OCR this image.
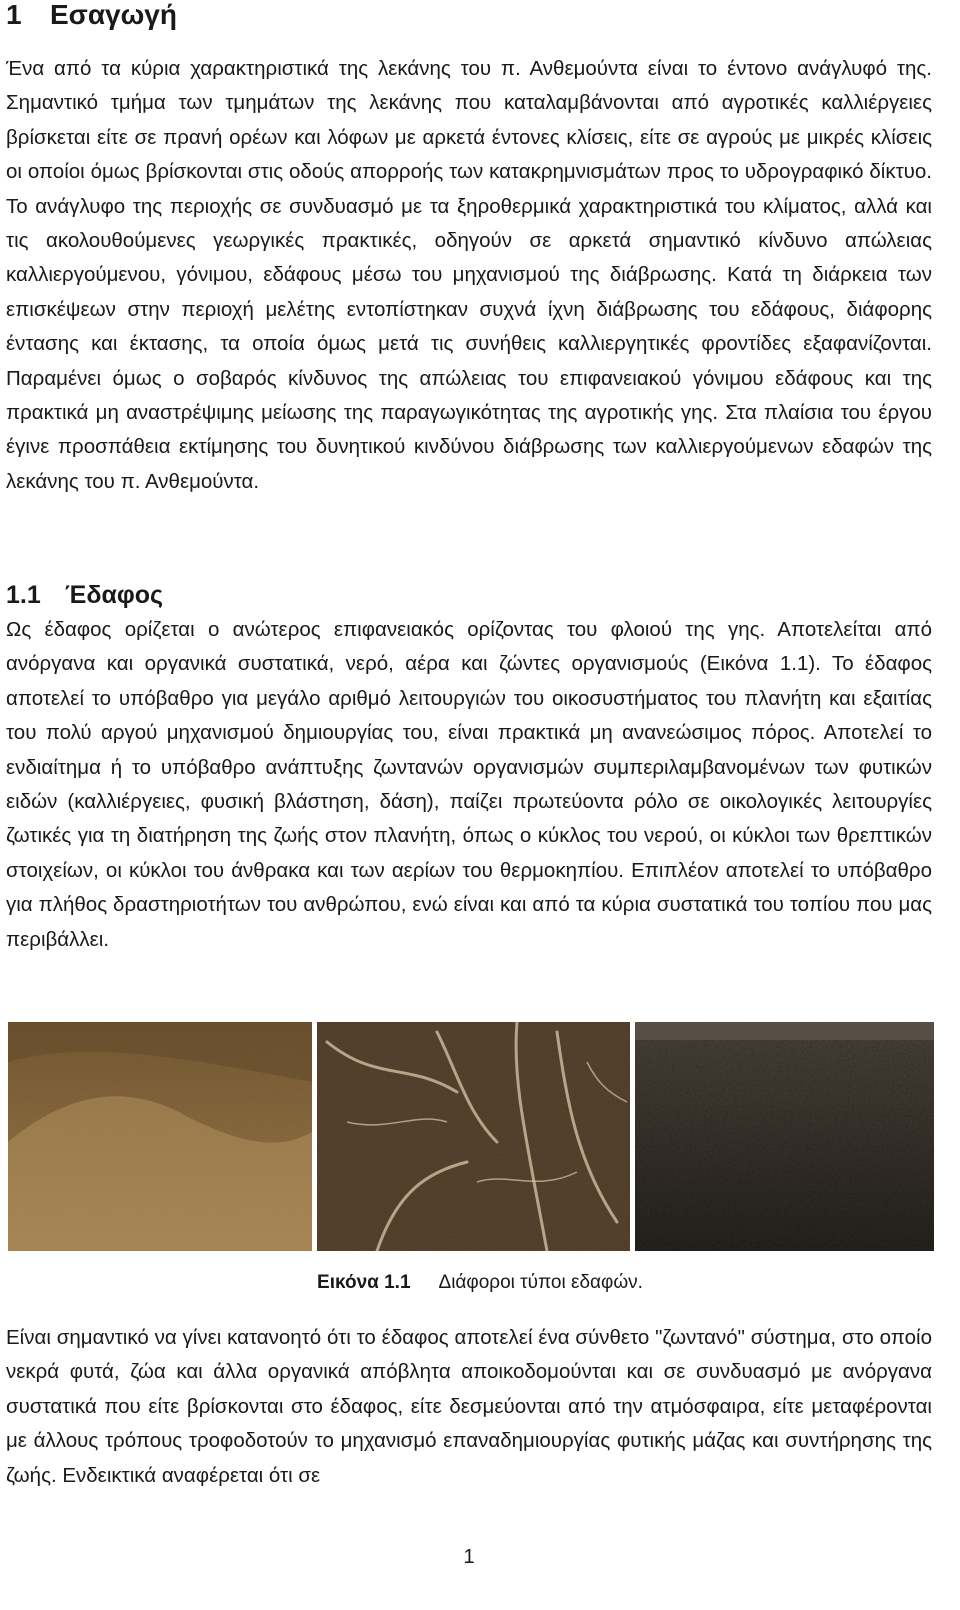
1 Εσαγωγή

Ένα από τα κύρια χαρακτηριστικά της λεκάνης του π. Ανθεμούντα είναι το έντονο ανάγλυφό της. Σημαντικό τμήμα των τμημάτων της λεκάνης που καταλαμβάνονται από αγροτικές καλλιέργειες βρίσκεται είτε σε πρανή ορέων και λόφων με αρκετά έντονες κλίσεις, είτε σε αγρούς με μικρές κλίσεις οι οποίοι όμως βρίσκονται στις οδούς απορροής των κατακρημνισμάτων προς το υδρογραφικό δίκτυο. Το ανάγλυφο της περιοχής σε συνδυασμό με τα ξηροθερμικά χαρακτηριστικά του κλίματος, αλλά και τις ακολουθούμενες γεωργικές πρακτικές, οδηγούν σε αρκετά σημαντικό κίνδυνο απώλειας καλλιεργούμενου, γόνιμου, εδάφους μέσω του μηχανισμού της διάβρωσης. Κατά τη διάρκεια των επισκέψεων στην περιοχή μελέτης εντοπίστηκαν συχνά ίχνη διάβρωσης του εδάφους, διάφορης έντασης και έκτασης, τα οποία όμως μετά τις συνήθεις καλλιεργητικές φροντίδες εξαφανίζονται. Παραμένει όμως ο σοβαρός κίνδυνος της απώλειας του επιφανειακού γόνιμου εδάφους και της πρακτικά μη αναστρέψιμης μείωσης της παραγωγικότητας της αγροτικής γης. Στα πλαίσια του έργου έγινε προσπάθεια εκτίμησης του δυνητικού κινδύνου διάβρωσης των καλλιεργούμενων εδαφών της λεκάνης του π. Ανθεμούντα.

1.1 Έδαφος

Ως έδαφος ορίζεται ο ανώτερος επιφανειακός ορίζοντας του φλοιού της γης. Αποτελείται από ανόργανα και οργανικά συστατικά, νερό, αέρα και ζώντες οργανισμούς (Εικόνα 1.1). Το έδαφος αποτελεί το υπόβαθρο για μεγάλο αριθμό λειτουργιών του οικοσυστήματος του πλανήτη και εξαιτίας του πολύ αργού μηχανισμού δημιουργίας του, είναι πρακτικά μη ανανεώσιμος πόρος. Αποτελεί το ενδιαίτημα ή το υπόβαθρο ανάπτυξης ζωντανών οργανισμών συμπεριλαμβανομένων των φυτικών ειδών (καλλιέργειες, φυσική βλάστηση, δάση), παίζει πρωτεύοντα ρόλο σε οικολογικές λειτουργίες ζωτικές για τη διατήρηση της ζωής στον πλανήτη, όπως ο κύκλος του νερού, οι κύκλοι των θρεπτικών στοιχείων, οι κύκλοι του άνθρακα και των αερίων του θερμοκηπίου. Επιπλέον αποτελεί το υπόβαθρο για πλήθος δραστηριοτήτων του ανθρώπου, ενώ είναι και από τα κύρια συστατικά του τοπίου που μας περιβάλλει.

Εικόνα 1.1 Διάφοροι τύποι εδαφών.

Είναι σημαντικό να γίνει κατανοητό ότι το έδαφος αποτελεί ένα σύνθετο "ζωντανό" σύστημα, στο οποίο νεκρά φυτά, ζώα και άλλα οργανικά απόβλητα αποικοδομούνται και σε συνδυασμό με ανόργανα συστατικά που είτε βρίσκονται στο έδαφος, είτε δεσμεύονται από την ατμόσφαιρα, είτε μεταφέρονται με άλλους τρόπους τροφοδοτούν το μηχανισμό επαναδημιουργίας φυτικής μάζας και συντήρησης της ζωής. Ενδεικτικά αναφέρεται ότι σε

1
